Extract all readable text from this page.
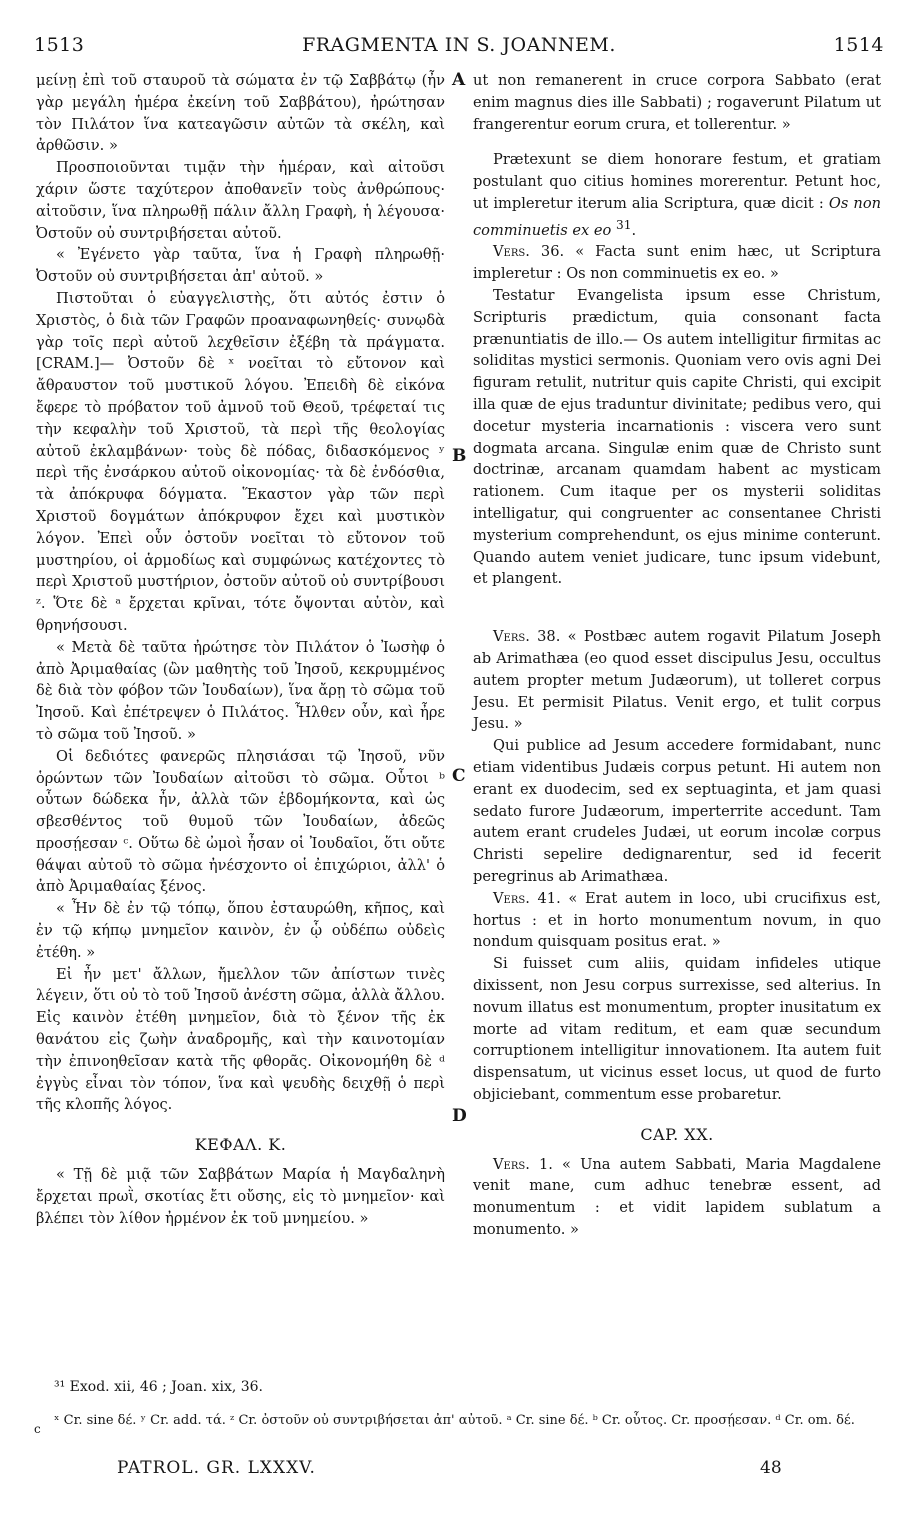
1513	FRAGMENTA IN S. JOANNEM.	1514

μείνῃ ἐπὶ τοῦ σταυροῦ τὰ σώματα ἐν τῷ Σαββάτῳ (ἦν γὰρ μεγάλη ἡμέρα ἐκείνη τοῦ Σαββάτου), ἠρώτησαν τὸν Πιλάτον ἵνα κατεαγῶσιν αὐτῶν τὰ σκέλη, καὶ ἀρθῶσιν. »

Προσποιοῦνται τιμᾷν τὴν ἡμέραν, καὶ αἰτοῦσι χάριν ὥστε ταχύτερον ἀποθανεῖν τοὺς ἀνθρώπους· αἰτοῦσιν, ἵνα πληρωθῇ πάλιν ἄλλη Γραφὴ, ἡ λέγουσα· Ὀστοῦν οὐ συντριβήσεται αὐτοῦ.

« Ἐγένετο γὰρ ταῦτα, ἵνα ἡ Γραφὴ πληρωθῇ· Ὀστοῦν οὐ συντριβήσεται ἀπ' αὐτοῦ. »

Πιστοῦται ὁ εὐαγγελιστὴς, ὅτι αὐτός ἐστιν ὁ Χριστὸς, ὁ διὰ τῶν Γραφῶν προαναφωνηθείς· συνῳδὰ γὰρ τοῖς περὶ αὐτοῦ λεχθεῖσιν ἐξέβη τὰ πράγματα. [CRAM.]— Ὀστοῦν δὲ ˣ νοεῖται τὸ εὔτονον καὶ ἄθραυστον τοῦ μυστικοῦ λόγου. Ἐπειδὴ δὲ εἰκόνα ἔφερε τὸ πρόβατον τοῦ ἀμνοῦ τοῦ Θεοῦ, τρέφεταί τις τὴν κεφαλὴν τοῦ Χριστοῦ, τὰ περὶ τῆς θεολογίας αὐτοῦ ἐκλαμβάνων· τοὺς δὲ πόδας, διδασκόμενος ʸ περὶ τῆς ἐνσάρκου αὐτοῦ οἰκονομίας· τὰ δὲ ἐνδόσθια, τὰ ἀπόκρυφα δόγματα. Ἕκαστον γὰρ τῶν περὶ Χριστοῦ δογμάτων ἀπόκρυφον ἔχει καὶ μυστικὸν λόγον. Ἐπεὶ οὖν ὀστοῦν νοεῖται τὸ εὔτονον τοῦ μυστηρίου, οἱ ἁρμοδίως καὶ συμφώνως κατέχοντες τὸ περὶ Χριστοῦ μυστήριον, ὀστοῦν αὐτοῦ οὐ συντρίβουσι ᶻ. Ὅτε δὲ ᵃ ἔρχεται κρῖναι, τότε ὄψονται αὐτὸν, καὶ θρηνήσουσι.

« Μετὰ δὲ ταῦτα ἠρώτησε τὸν Πιλάτον ὁ Ἰωσὴφ ὁ ἀπὸ Ἀριμαθαίας (ὢν μαθητὴς τοῦ Ἰησοῦ, κεκρυμμένος δὲ διὰ τὸν φόβον τῶν Ἰουδαίων), ἵνα ἄρῃ τὸ σῶμα τοῦ Ἰησοῦ. Καὶ ἐπέτρεψεν ὁ Πιλάτος. Ἦλθεν οὖν, καὶ ἦρε τὸ σῶμα τοῦ Ἰησοῦ. »

Οἱ δεδιότες φανερῶς πλησιάσαι τῷ Ἰησοῦ, νῦν ὁρώντων τῶν Ἰουδαίων αἰτοῦσι τὸ σῶμα. Οὗτοι ᵇ οὗτων δώδεκα ἦν, ἀλλὰ τῶν ἑβδομήκοντα, καὶ ὡς σβεσθέντος τοῦ θυμοῦ τῶν Ἰουδαίων, ἀδεῶς προσῄεσαν ᶜ. Οὕτω δὲ ὠμοὶ ἦσαν οἱ Ἰουδαῖοι, ὅτι οὔτε θάψαι αὐτοῦ τὸ σῶμα ἠνέσχοντο οἱ ἐπιχώριοι, ἀλλ' ὁ ἀπὸ Ἀριμαθαίας ξένος.

« Ἦν δὲ ἐν τῷ τόπῳ, ὅπου ἐσταυρώθη, κῆπος, καὶ ἐν τῷ κήπῳ μνημεῖον καινὸν, ἐν ᾧ οὐδέπω οὐδεὶς ἐτέθη. »

Εἰ ἦν μετ' ἄλλων, ἤμελλον τῶν ἀπίστων τινὲς λέγειν, ὅτι οὐ τὸ τοῦ Ἰησοῦ ἀνέστη σῶμα, ἀλλὰ ἄλλου. Εἰς καινὸν ἐτέθη μνημεῖον, διὰ τὸ ξένον τῆς ἐκ θανάτου εἰς ζωὴν ἀναδρομῆς, καὶ τὴν καινοτομίαν τὴν ἐπινοηθεῖσαν κατὰ τῆς φθορᾶς. Οἰκονομήθη δὲ ᵈ ἐγγὺς εἶναι τὸν τόπον, ἵνα καὶ ψευδὴς δειχθῇ ὁ περὶ τῆς κλοπῆς λόγος.

ΚΕΦΑΛ. Κ.

« Τῇ δὲ μιᾷ τῶν Σαββάτων Μαρία ἡ Μαγδαληνὴ ἔρχεται πρωῒ, σκοτίας ἔτι οὔσης, εἰς τὸ μνημεῖον· καὶ βλέπει τὸν λίθον ἠρμένον ἐκ τοῦ μνημείου. »

A
B
C
D

ut non remanerent in cruce corpora Sabbato (erat enim magnus dies ille Sabbati) ; rogaverunt Pilatum ut frangerentur eorum crura, et tollerentur. »

Prætexunt se diem honorare festum, et gratiam postulant quo citius homines morerentur. Petunt hoc, ut impleretur iterum alia Scriptura, quæ dicit : Os non comminuetis ex eo $^{31}$.

Vers. 36. « Facta sunt enim hæc, ut Scriptura impleretur : Os non comminuetis ex eo. »

Testatur Evangelista ipsum esse Christum, Scripturis prædictum, quia consonant facta prænuntiatis de illo.— Os autem intelligitur firmitas ac soliditas mystici sermonis. Quoniam vero ovis agni Dei figuram retulit, nutritur quis capite Christi, qui excipit illa quæ de ejus traduntur divinitate; pedibus vero, qui docetur mysteria incarnationis : viscera vero sunt dogmata arcana. Singulæ enim quæ de Christo sunt doctrinæ, arcanam quamdam habent ac mysticam rationem. Cum itaque per os mysterii soliditas intelligatur, qui congruenter ac consentanee Christi mysterium comprehendunt, os ejus minime conterunt. Quando autem veniet judicare, tunc ipsum videbunt, et plangent.

Vers. 38. « Postbæc autem rogavit Pilatum Joseph ab Arimathæa (eo quod esset discipulus Jesu, occultus autem propter metum Judæorum), ut tolleret corpus Jesu. Et permisit Pilatus. Venit ergo, et tulit corpus Jesu. »

Qui publice ad Jesum accedere formidabant, nunc etiam videntibus Judæis corpus petunt. Hi autem non erant ex duodecim, sed ex septuaginta, et jam quasi sedato furore Judæorum, imperterrite accedunt. Tam autem erant crudeles Judæi, ut eorum incolæ corpus Christi sepelire dedignarentur, sed id fecerit peregrinus ab Arimathæa.

Vers. 41. « Erat autem in loco, ubi crucifixus est, hortus : et in horto monumentum novum, in quo nondum quisquam positus erat. »

Si fuisset cum aliis, quidam infideles utique dixissent, non Jesu corpus surrexisse, sed alterius. In novum illatus est monumentum, propter inusitatum ex morte ad vitam reditum, et eam quæ secundum corruptionem intelligitur innovationem. Ita autem fuit dispensatum, ut vicinus esset locus, ut quod de furto objiciebant, commentum esse probaretur.

CAP. XX.

Vers. 1. « Una autem Sabbati, Maria Magdalene venit mane, cum adhuc tenebræ essent, ad monumentum : et vidit lapidem sublatum a monumento. »

³¹ Exod. xii, 46 ; Joan. xix, 36.
c
ˣ Cr. sine δέ. ʸ Cr. add. τά. ᶻ Cr. ὀστοῦν οὐ συντριβήσεται ἀπ' αὐτοῦ. ᵃ Cr. sine δέ. ᵇ Cr. οὗτος. Cr. προσῄεσαν. ᵈ Cr. om. δέ.
PATROL. GR. LXXXV.	48
